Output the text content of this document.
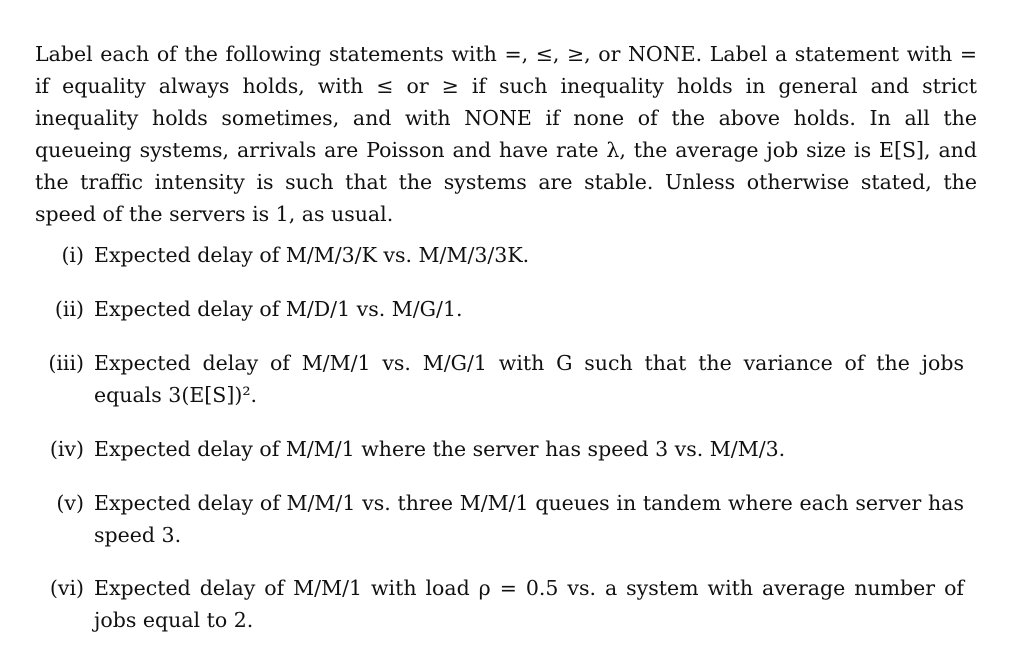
Label each of the following statements with =, ≤, ≥, or NONE. Label a statement with = if equality always holds, with ≤ or ≥ if such inequality holds in general and strict inequality holds sometimes, and with NONE if none of the above holds. In all the queueing systems, arrivals are Poisson and have rate λ, the average job size is E[S], and the traffic intensity is such that the systems are stable. Unless otherwise stated, the speed of the servers is 1, as usual.

(i) Expected delay of M/M/3/K vs. M/M/3/3K.
(ii) Expected delay of M/D/1 vs. M/G/1.
(iii) Expected delay of M/M/1 vs. M/G/1 with G such that the variance of the jobs equals 3(E[S])².
(iv) Expected delay of M/M/1 where the server has speed 3 vs. M/M/3.
(v) Expected delay of M/M/1 vs. three M/M/1 queues in tandem where each server has speed 3.
(vi) Expected delay of M/M/1 with load ρ = 0.5 vs. a system with average number of jobs equal to 2.
